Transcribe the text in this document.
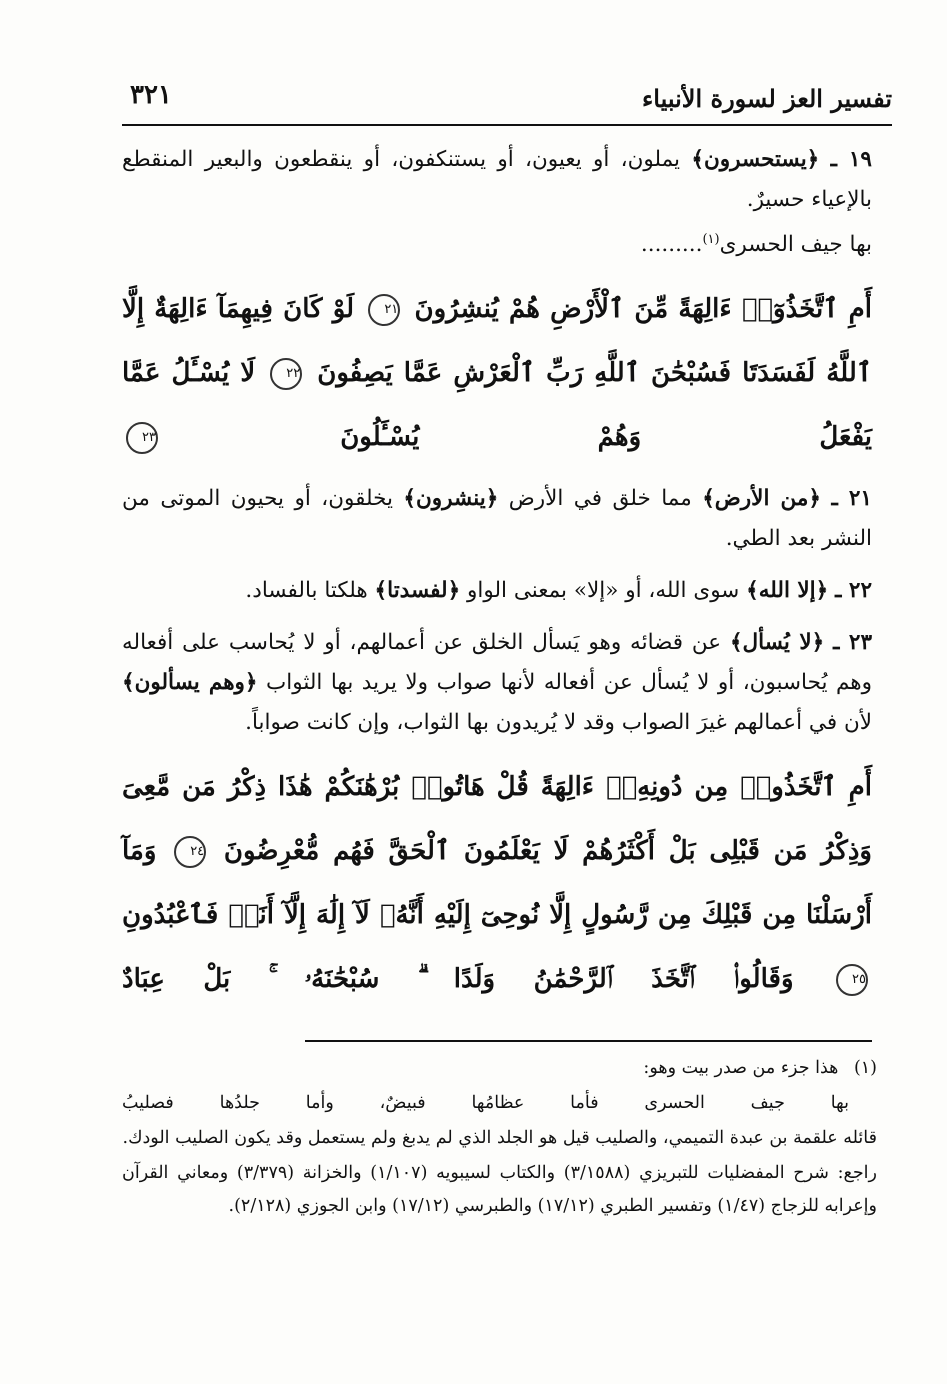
تفسير العز لسورة الأنبياء
٣٢١

١٩ ـ ﴿يستحسرون﴾ يملون، أو يعيون، أو يستنكفون، أو ينقطعون والبعير المنقطع بالإعياء حسيرٌ.
بها جيف الحسرى$^{(١)}$.........

أَمِ ٱتَّخَذُوٓا۟ ءَالِهَةً مِّنَ ٱلْأَرْضِ هُمْ يُنشِرُونَ ٢١ لَوْ كَانَ فِيهِمَآ ءَالِهَةٌ إِلَّا ٱللَّهُ لَفَسَدَتَا فَسُبْحَٰنَ ٱللَّهِ رَبِّ ٱلْعَرْشِ عَمَّا يَصِفُونَ ٢٢ لَا يُسْـَٔلُ عَمَّا يَفْعَلُ وَهُمْ يُسْـَٔلُونَ ٢٣

٢١ ـ ﴿من الأرض﴾ مما خلق في الأرض ﴿ينشرون﴾ يخلقون، أو يحيون الموتى من النشر بعد الطي.

٢٢ ـ ﴿إلا الله﴾ سوى الله، أو «إلا» بمعنى الواو ﴿لفسدتا﴾ هلكتا بالفساد.

٢٣ ـ ﴿لا يُسأل﴾ عن قضائه وهو يَسأل الخلق عن أعمالهم، أو لا يُحاسب على أفعاله وهم يُحاسبون، أو لا يُسأل عن أفعاله لأنها صواب ولا يريد بها الثواب ﴿وهم يسألون﴾ لأن في أعمالهم غيرَ الصواب وقد لا يُريدون بها الثواب، وإن كانت صواباً.

أَمِ ٱتَّخَذُوا۟ مِن دُونِهِۦٓ ءَالِهَةً قُلْ هَاتُوا۟ بُرْهَٰنَكُمْ هَٰذَا ذِكْرُ مَن مَّعِىَ وَذِكْرُ مَن قَبْلِى بَلْ أَكْثَرُهُمْ لَا يَعْلَمُونَ ٱلْحَقَّ فَهُم مُّعْرِضُونَ ٢٤ وَمَآ أَرْسَلْنَا مِن قَبْلِكَ مِن رَّسُولٍ إِلَّا نُوحِىٓ إِلَيْهِ أَنَّهُۥ لَآ إِلَٰهَ إِلَّآ أَنَا۠ فَٱعْبُدُونِ ٢٥ وَقَالُوا۟ ٱتَّخَذَ ٱلرَّحْمَٰنُ وَلَدًا ۗ سُبْحَٰنَهُۥ ۚ بَلْ عِبَادٌ

(١) هذا جزء من صدر بيت وهو:

بها جيف الحسرى فأما عظامُها فبيضٌ، وأما جلدُها فصليبُ

قائله علقمة بن عبدة التميمي، والصليب قيل هو الجلد الذي لم يدبغ ولم يستعمل وقد يكون الصليب الودك.

راجع: شرح المفضليات للتبريزي (٣/١٥٨٨) والكتاب لسيبويه (١/١٠٧) والخزانة (٣/٣٧٩) ومعاني القرآن وإعرابه للزجاج (١/٤٧) وتفسير الطبري (١٧/١٢) والطبرسي (١٧/١٢) وابن الجوزي (٢/١٢٨).
